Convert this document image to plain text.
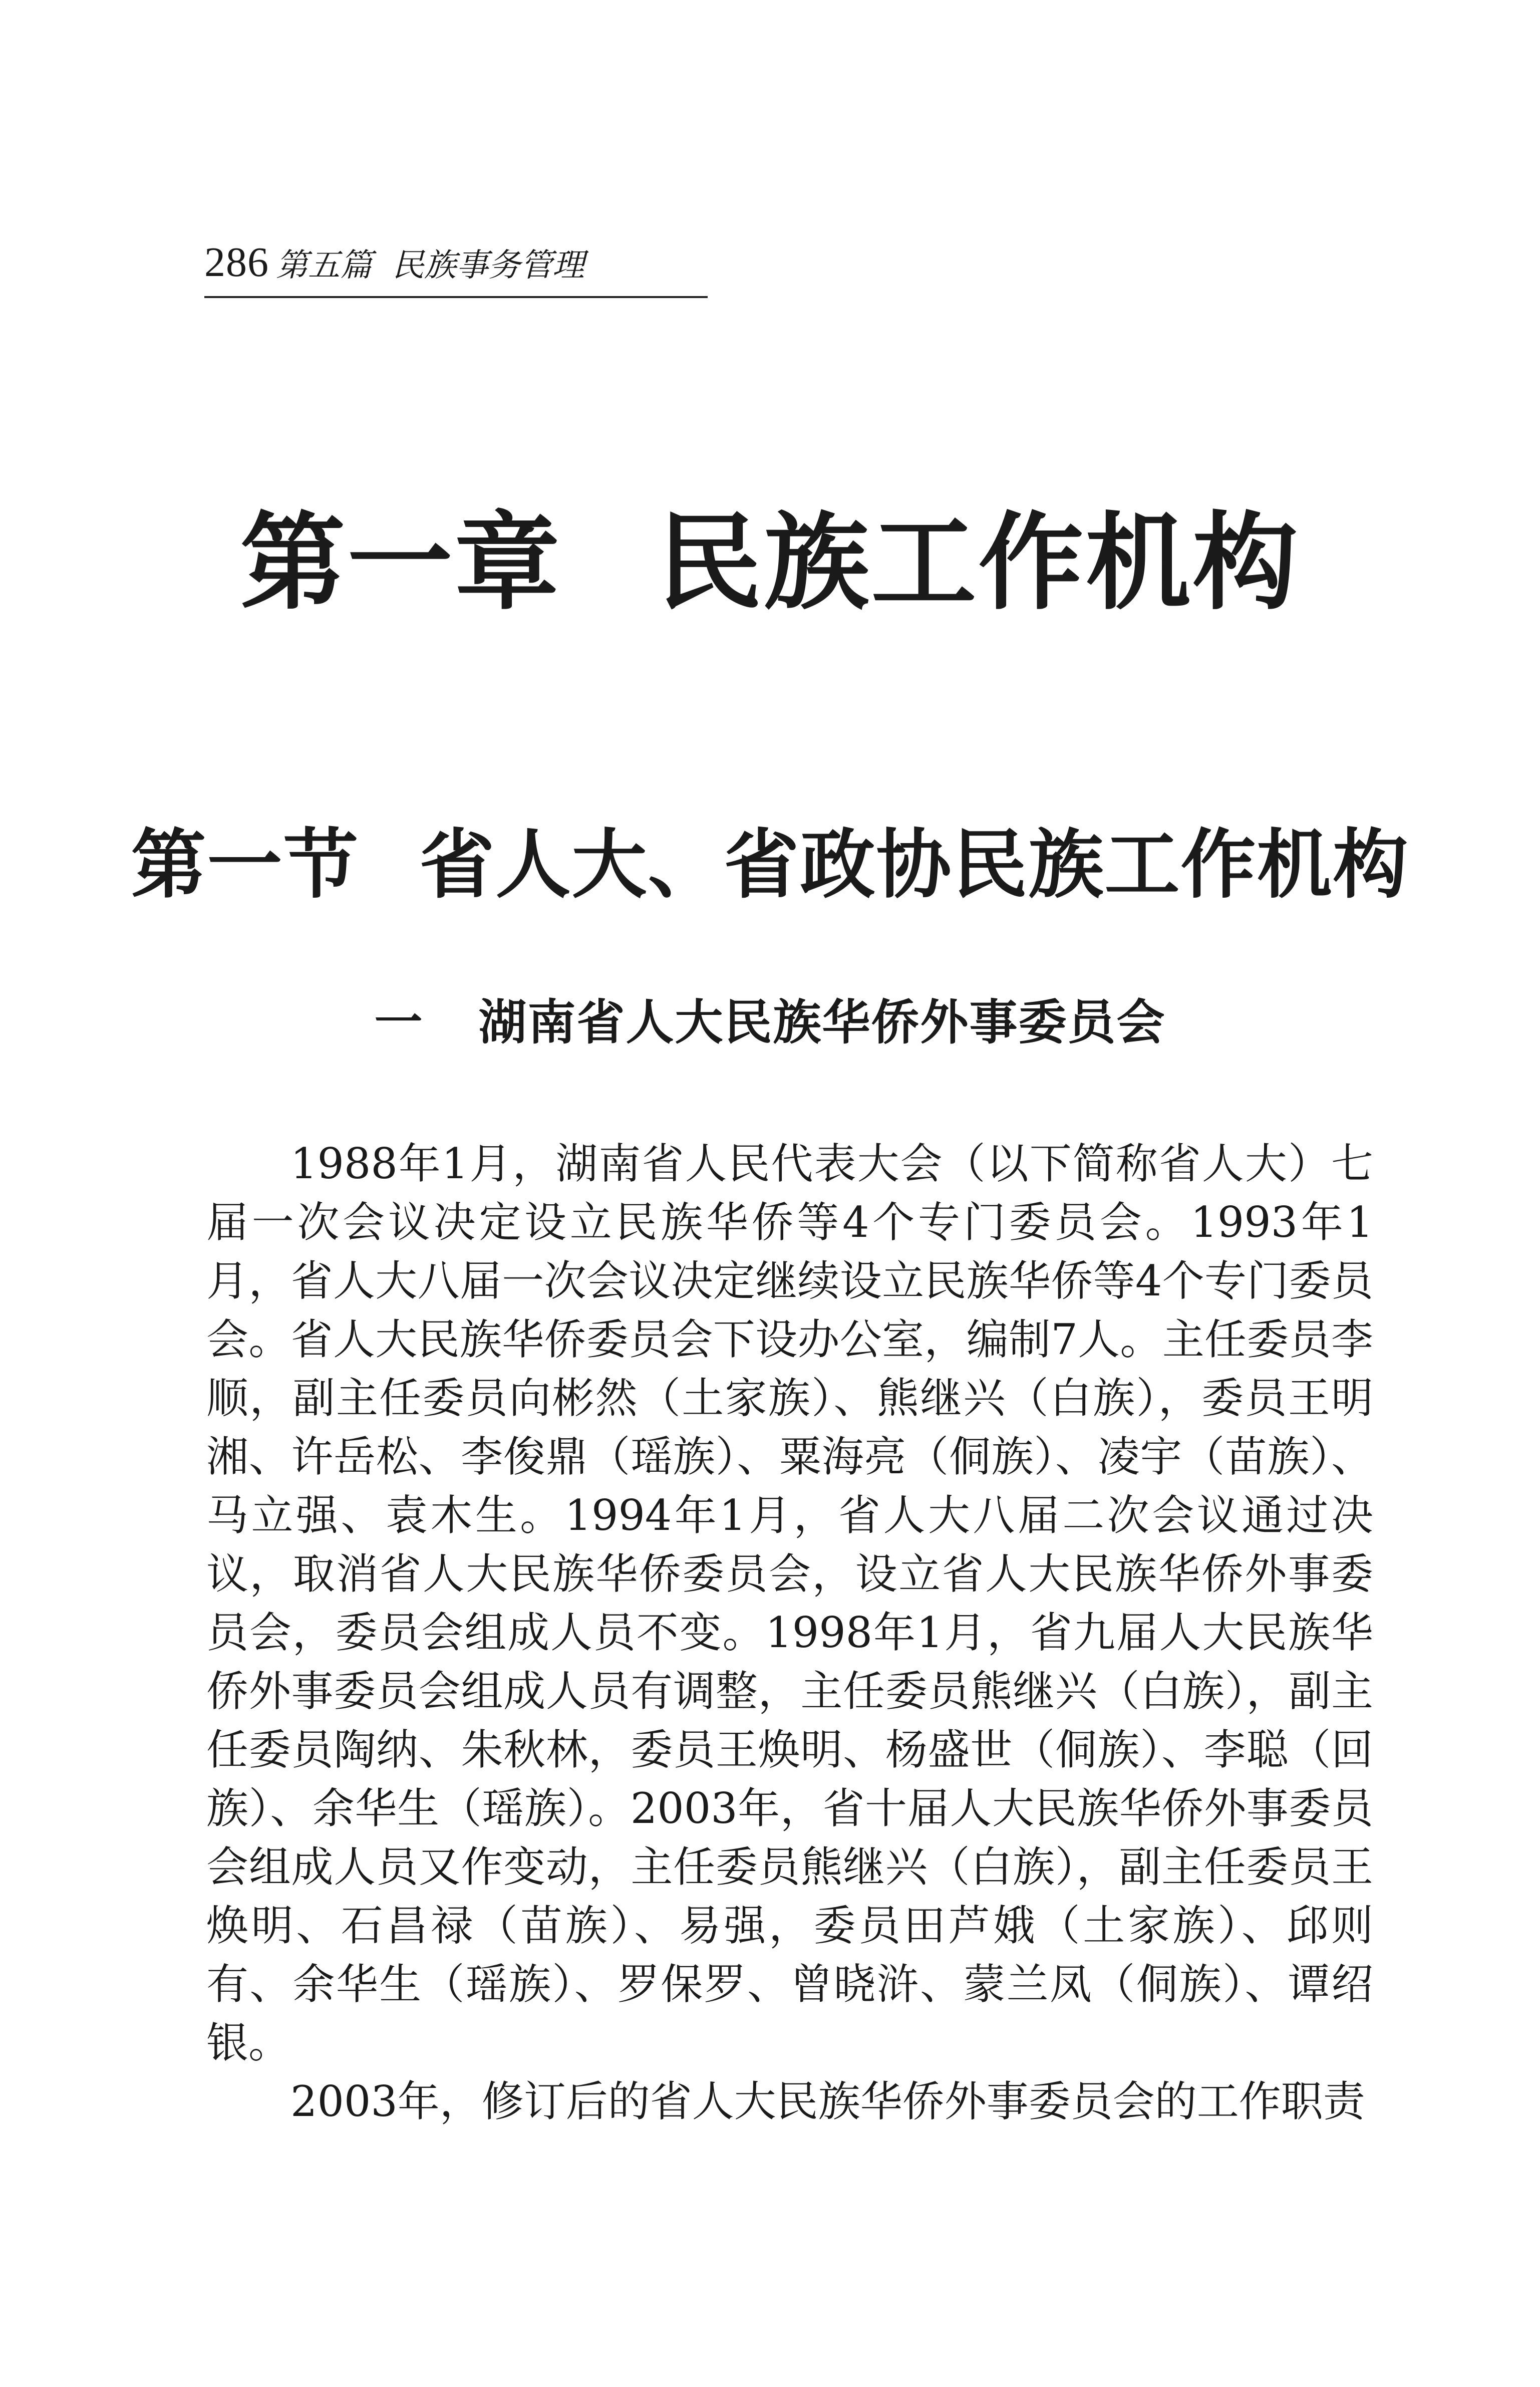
286 第五篇 民族事务管理
第一章 民族工作机构
第一节 省人大、省政协民族工作机构
一 湖南省人大民族华侨外事委员会

1988年1月，湖南省人民代表大会（以下简称省人大）七届一次会议决定设立民族华侨等4个专门委员会。1993年1月，省人大八届一次会议决定继续设立民族华侨等4个专门委员会。省人大民族华侨委员会下设办公室，编制7人。主任委员李顺，副主任委员向彬然（土家族）、熊继兴（白族），委员王明湘、许岳松、李俊鼎（瑶族）、粟海亮（侗族）、凌宇（苗族）、马立强、袁木生。1994年1月，省人大八届二次会议通过决议，取消省人大民族华侨委员会，设立省人大民族华侨外事委员会，委员会组成人员不变。1998年1月，省九届人大民族华侨外事委员会组成人员有调整，主任委员熊继兴（白族），副主任委员陶纳、朱秋林，委员王焕明、杨盛世（侗族）、李聪（回族）、余华生（瑶族）。2003年，省十届人大民族华侨外事委员会组成人员又作变动，主任委员熊继兴（白族），副主任委员王焕明、石昌禄（苗族）、易强，委员田芦娥（土家族）、邱则有、余华生（瑶族）、罗保罗、曾晓浒、蒙兰凤（侗族）、谭绍银。

2003年，修订后的省人大民族华侨外事委员会的工作职责
